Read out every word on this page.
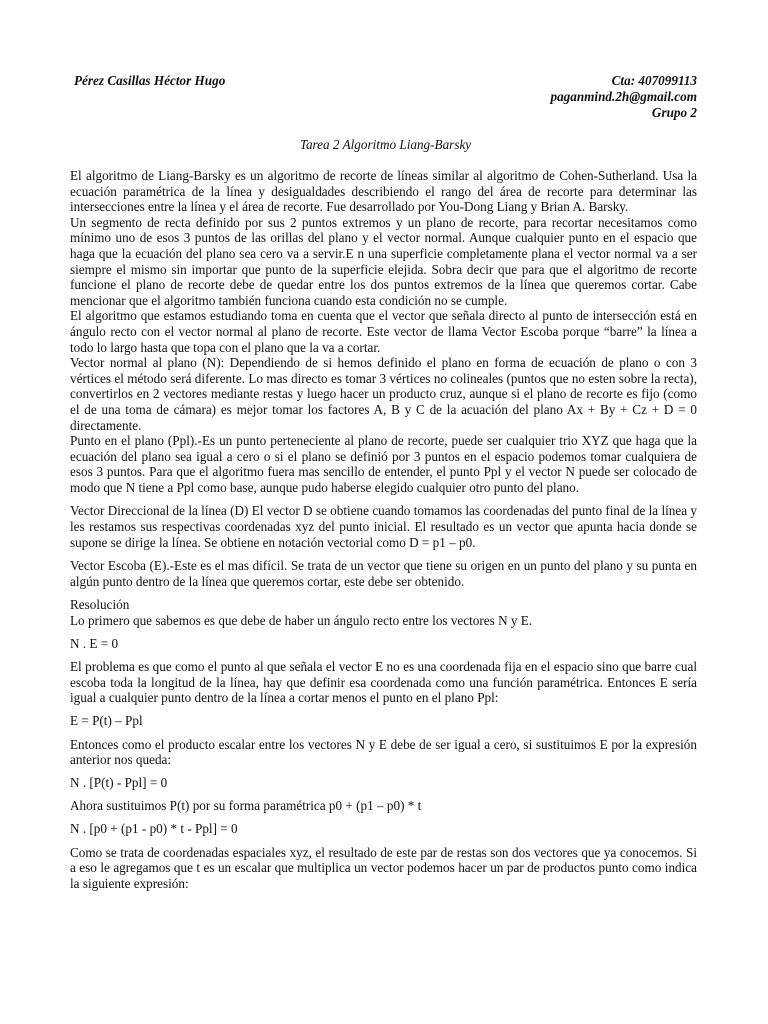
Pérez Casillas Héctor Hugo	Cta: 407099113
paganmind.2h@gmail.com
Grupo 2
Tarea 2 Algoritmo Liang-Barsky

El algoritmo de Liang-Barsky es un algoritmo de recorte de líneas similar al algoritmo de Cohen-Sutherland. Usa la ecuación paramétrica de la línea y desigualdades describiendo el rango del área de recorte para determinar las intersecciones entre la línea y el área de recorte. Fue desarrollado por You-Dong Liang y Brian A. Barsky.

Un segmento de recta definido por sus 2 puntos extremos y un plano de recorte, para recortar necesitamos como mínimo uno de esos 3 puntos de las orillas del plano y el vector normal. Aunque cualquier punto en el espacio que haga que la ecuación del plano sea cero va a servir.E n una superficie completamente plana el vector normal va a ser siempre el mismo sin importar que punto de la superficie elejida. Sobra decir que para que el algoritmo de recorte funcione el plano de recorte debe de quedar entre los dos puntos extremos de la línea que queremos cortar. Cabe mencionar que el algoritmo también funciona cuando esta condición no se cumple.

El algoritmo que estamos estudiando toma en cuenta que el vector que señala directo al punto de intersección está en ángulo recto con el vector normal al plano de recorte. Este vector de llama Vector Escoba porque “barre” la línea a todo lo largo hasta que topa con el plano que la va a cortar.

Vector normal al plano (N): Dependiendo de si hemos definido el plano en forma de ecuación de plano o con 3 vértices el método será diferente. Lo mas directo es tomar 3 vértices no colineales (puntos que no esten sobre la recta), convertirlos en 2 vectores mediante restas y luego hacer un producto cruz, aunque si el plano de recorte es fijo (como el de una toma de cámara) es mejor tomar los factores A, B y C de la acuación del plano Ax + By + Cz + D = 0 directamente.

Punto en el plano (Ppl).-Es un punto perteneciente al plano de recorte, puede ser cualquier trio XYZ que haga que la ecuación del plano sea igual a cero o si el plano se definió por 3 puntos en el espacio podemos tomar cualquiera de esos 3 puntos. Para que el algoritmo fuera mas sencillo de entender, el punto Ppl y el vector N puede ser colocado de modo que N tiene a Ppl como base, aunque pudo haberse elegido cualquier otro punto del plano.

Vector Direccional de la línea (D) El vector D se obtiene cuando tomamos las coordenadas del punto final de la línea y les restamos sus respectivas coordenadas xyz del punto inicial. El resultado es un vector que apunta hacia donde se supone se dirige la línea. Se obtiene en notación vectorial como D = p1 – p0.

Vector Escoba (E).-Este es el mas difícil. Se trata de un vector que tiene su origen en un punto del plano y su punta en algún punto dentro de la línea que queremos cortar, este debe ser obtenido.

Resolución

Lo primero que sabemos es que debe de haber un ángulo recto entre los vectores N y E.

N . E = 0

El problema es que como el punto al que señala el vector E no es una coordenada fija en el espacio sino que barre cual escoba toda la longitud de la línea, hay que definir esa coordenada como una función paramétrica. Entonces E sería igual a cualquier punto dentro de la línea a cortar menos el punto en el plano Ppl:

E = P(t) – Ppl

Entonces como el producto escalar entre los vectores N y E debe de ser igual a cero, si sustituimos E por la expresión anterior nos queda:

N . [P(t) - Ppl] = 0

Ahora sustituimos P(t) por su forma paramétrica p0 + (p1 – p0) * t

N . [p0 + (p1 - p0) * t - Ppl] = 0

Como se trata de coordenadas espaciales xyz, el resultado de este par de restas son dos vectores que ya conocemos. Si a eso le agregamos que t es un escalar que multiplica un vector podemos hacer un par de productos punto como indica la siguiente expresión:
